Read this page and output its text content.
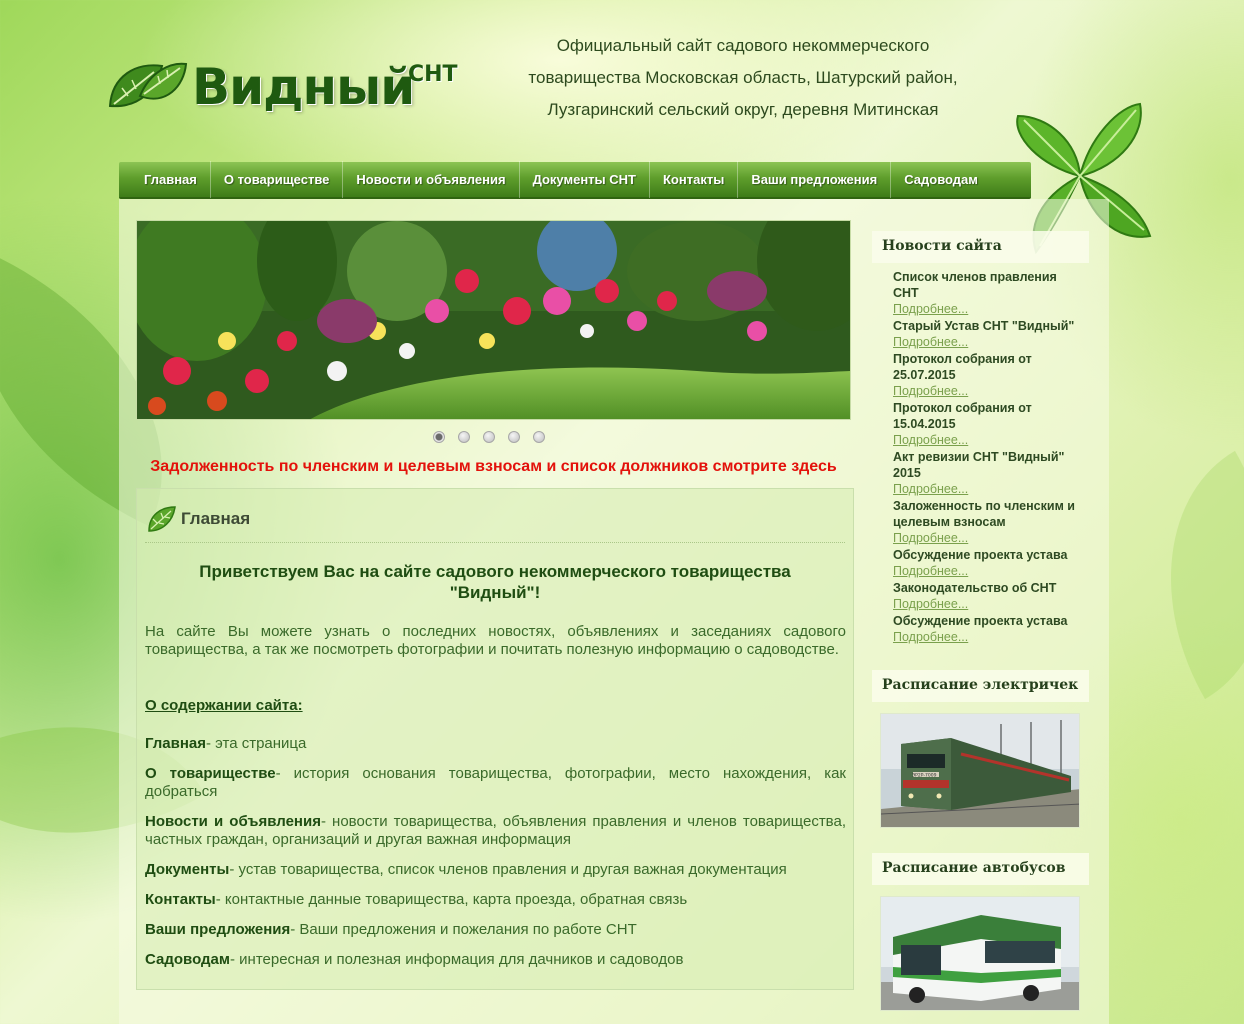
Видный
СНТ
Официальный сайт садового некоммерческого товарищества Московская область, Шатурский район, Лузгаринский сельский округ, деревня Митинская
Главная	О товариществе	Новости и объявления	Документы СНТ	Контакты	Ваши предложения	Садоводам
Задолженность по членским и целевым взносам и список должников смотрите здесь
Главная
Приветствуем Вас на сайте садового некоммерческого товарищества "Видный"!
На сайте Вы можете узнать о последних новостях, объявлениях и заседаниях садового товарищества, а так же посмотреть фотографии и почитать полезную информацию о садоводстве.
О содержании сайта:

Главная- эта страница

О товариществе- история основания товарищества, фотографии, место нахождения, как добраться

Новости и объявления- новости товарищества, объявления правления и членов товарищества, частных граждан, организаций и другая важная информация

Документы- устав товарищества, список членов правления и другая важная документация

Контакты- контактные данные товарищества, карта проезда, обратная связь

Ваши предложения- Ваши предложения и пожелания по работе СНТ

Садоводам- интересная и полезная информация для дачников и садоводов

Новости сайта
Список членов правления СНТ
Подробнее...
Старый Устав СНТ "Видный"
Подробнее...
Протокол собрания от 25.07.2015
Подробнее...
Протокол собрания от 15.04.2015
Подробнее...
Акт ревизии СНТ "Видный" 2015
Подробнее...
Заложенность по членским и целевым взносам
Подробнее...
Обсуждение проекта устава
Подробнее...
Законодательство об СНТ
Подробнее...
Обсуждение проекта устава
Подробнее...
Расписание электричек
ЭР2Р-7009
Расписание автобусов
